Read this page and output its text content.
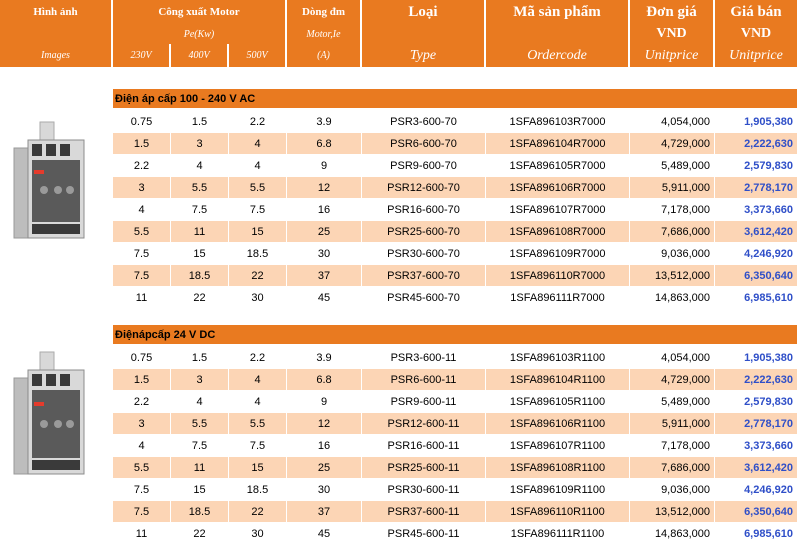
Hình ảnh	Công xuất Motor	Dòng đm	Loại	Mã sản phẩm	Đơn giá	Giá bán
Pe(Kw)	Motor,Ie	VND	VND
Images	230V	400V	500V	(A)	Type	Ordercode	Unitprice	Unitprice
Điện áp cấp 100 - 240 V AC
0.75	1.5	2.2	3.9	PSR3-600-70	1SFA896103R7000	4,054,000	1,905,380
1.5	3	4	6.8	PSR6-600-70	1SFA896104R7000	4,729,000	2,222,630
2.2	4	4	9	PSR9-600-70	1SFA896105R7000	5,489,000	2,579,830
3	5.5	5.5	12	PSR12-600-70	1SFA896106R7000	5,911,000	2,778,170
4	7.5	7.5	16	PSR16-600-70	1SFA896107R7000	7,178,000	3,373,660
5.5	11	15	25	PSR25-600-70	1SFA896108R7000	7,686,000	3,612,420
7.5	15	18.5	30	PSR30-600-70	1SFA896109R7000	9,036,000	4,246,920
7.5	18.5	22	37	PSR37-600-70	1SFA896110R7000	13,512,000	6,350,640
11	22	30	45	PSR45-600-70	1SFA896111R7000	14,863,000	6,985,610
Điệnápcấp 24 V DC
0.75	1.5	2.2	3.9	PSR3-600-11	1SFA896103R1100	4,054,000	1,905,380
1.5	3	4	6.8	PSR6-600-11	1SFA896104R1100	4,729,000	2,222,630
2.2	4	4	9	PSR9-600-11	1SFA896105R1100	5,489,000	2,579,830
3	5.5	5.5	12	PSR12-600-11	1SFA896106R1100	5,911,000	2,778,170
4	7.5	7.5	16	PSR16-600-11	1SFA896107R1100	7,178,000	3,373,660
5.5	11	15	25	PSR25-600-11	1SFA896108R1100	7,686,000	3,612,420
7.5	15	18.5	30	PSR30-600-11	1SFA896109R1100	9,036,000	4,246,920
7.5	18.5	22	37	PSR37-600-11	1SFA896110R1100	13,512,000	6,350,640
11	22	30	45	PSR45-600-11	1SFA896111R1100	14,863,000	6,985,610
